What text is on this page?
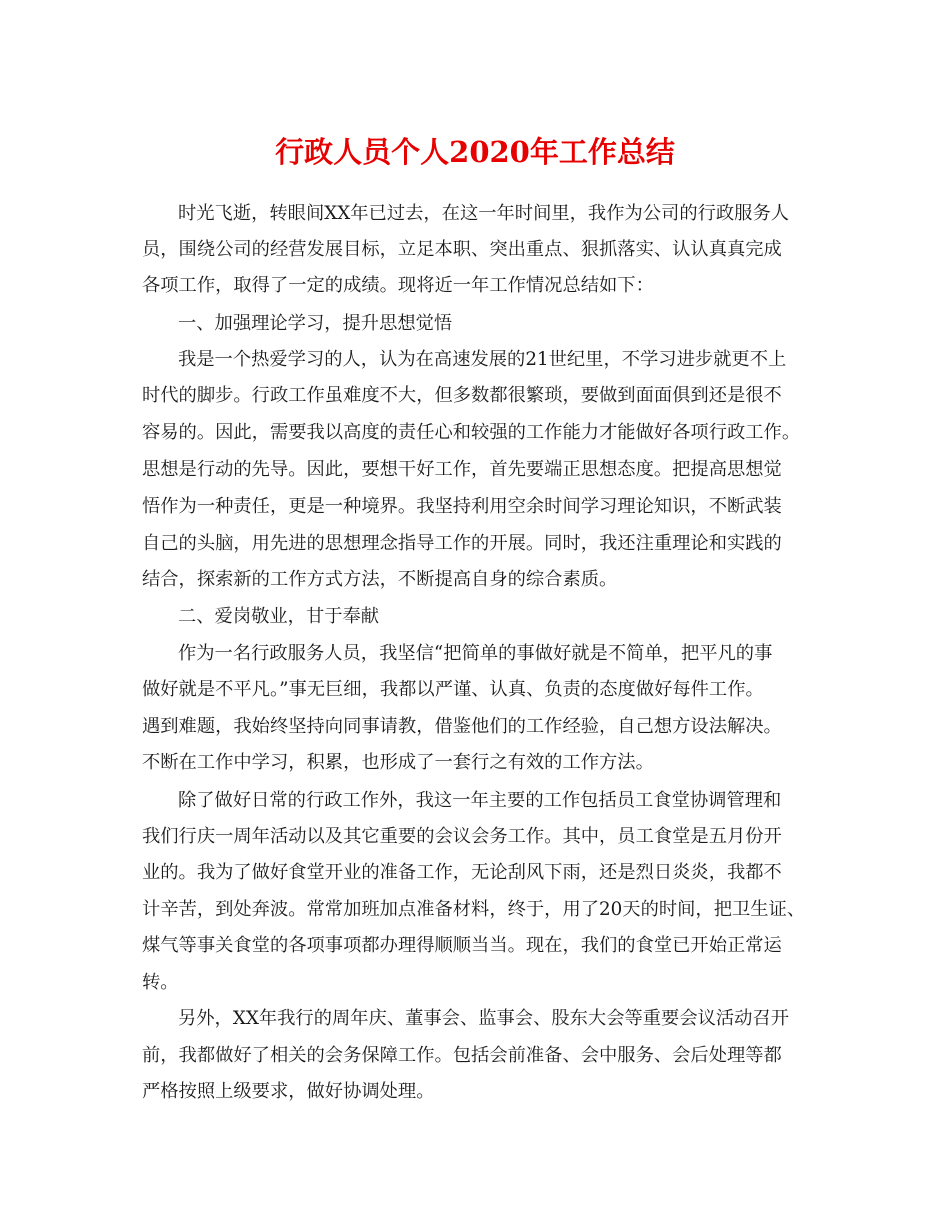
行政人员个人2020年工作总结
时光飞逝，转眼间XX年已过去，在这一年时间里，我作为公司的行政服务人
员，围绕公司的经营发展目标，立足本职、突出重点、狠抓落实、认认真真完成
各项工作，取得了一定的成绩。现将近一年工作情况总结如下：
一、加强理论学习，提升思想觉悟
我是一个热爱学习的人，认为在高速发展的21世纪里，不学习进步就更不上
时代的脚步。行政工作虽难度不大，但多数都很繁琐，要做到面面俱到还是很不
容易的。因此，需要我以高度的责任心和较强的工作能力才能做好各项行政工作。
思想是行动的先导。因此，要想干好工作，首先要端正思想态度。把提高思想觉
悟作为一种责任，更是一种境界。我坚持利用空余时间学习理论知识，不断武装
自己的头脑，用先进的思想理念指导工作的开展。同时，我还注重理论和实践的
结合，探索新的工作方式方法，不断提高自身的综合素质。
二、爱岗敬业，甘于奉献
作为一名行政服务人员，我坚信“把简单的事做好就是不简单，把平凡的事
做好就是不平凡。”事无巨细，我都以严谨、认真、负责的态度做好每件工作。
遇到难题，我始终坚持向同事请教，借鉴他们的工作经验，自己想方设法解决。
不断在工作中学习，积累，也形成了一套行之有效的工作方法。
除了做好日常的行政工作外，我这一年主要的工作包括员工食堂协调管理和
我们行庆一周年活动以及其它重要的会议会务工作。其中，员工食堂是五月份开
业的。我为了做好食堂开业的准备工作，无论刮风下雨，还是烈日炎炎，我都不
计辛苦，到处奔波。常常加班加点准备材料，终于，用了20天的时间，把卫生证、
煤气等事关食堂的各项事项都办理得顺顺当当。现在，我们的食堂已开始正常运
转。
另外，XX年我行的周年庆、董事会、监事会、股东大会等重要会议活动召开
前，我都做好了相关的会务保障工作。包括会前准备、会中服务、会后处理等都
严格按照上级要求，做好协调处理。
